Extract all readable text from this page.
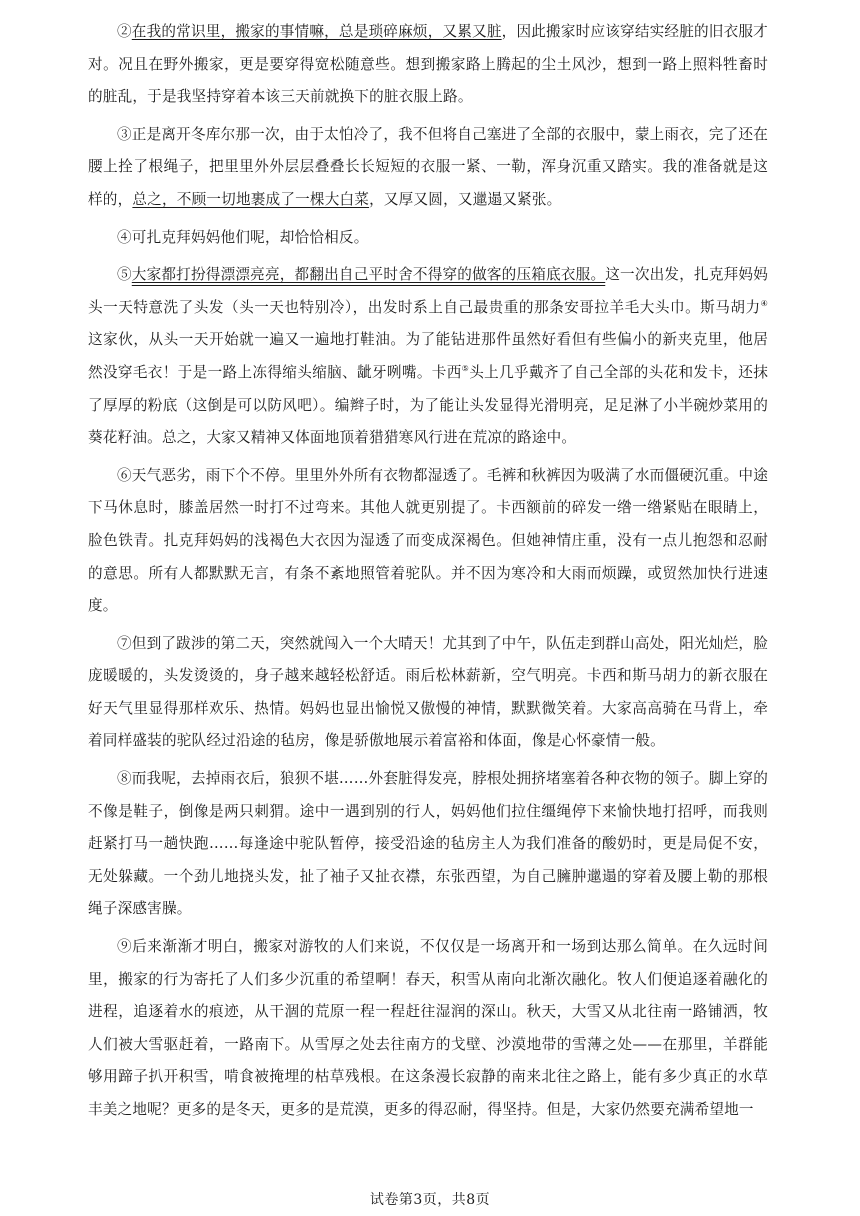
②在我的常识里，搬家的事情嘛，总是琐碎麻烦，又累又脏，因此搬家时应该穿结实经脏的旧衣服才对。况且在野外搬家，更是要穿得宽松随意些。想到搬家路上腾起的尘土风沙，想到一路上照料牲畜时的脏乱，于是我坚持穿着本该三天前就换下的脏衣服上路。

③正是离开冬库尔那一次，由于太怕冷了，我不但将自己塞进了全部的衣服中，蒙上雨衣，完了还在腰上拴了根绳子，把里里外外层层叠叠长长短短的衣服一紧、一勒，浑身沉重又踏实。我的准备就是这样的，总之，不顾一切地裹成了一棵大白菜，又厚又圆，又邋遢又紧张。

④可扎克拜妈妈他们呢，却恰恰相反。

⑤大家都打扮得漂漂亮亮，都翻出自己平时舍不得穿的做客的压箱底衣服。这一次出发，扎克拜妈妈头一天特意洗了头发（头一天也特别冷），出发时系上自己最贵重的那条安哥拉羊毛大头巾。斯马胡力④这家伙，从头一天开始就一遍又一遍地打鞋油。为了能钻进那件虽然好看但有些偏小的新夹克里，他居然没穿毛衣！于是一路上冻得缩头缩脑、龇牙咧嘴。卡西⑤头上几乎戴齐了自己全部的头花和发卡，还抹了厚厚的粉底（这倒是可以防风吧）。编辫子时，为了能让头发显得光滑明亮，足足淋了小半碗炒菜用的葵花籽油。总之，大家又精神又体面地顶着猎猎寒风行进在荒凉的路途中。

⑥天气恶劣，雨下个不停。里里外外所有衣物都湿透了。毛裤和秋裤因为吸满了水而僵硬沉重。中途下马休息时，膝盖居然一时打不过弯来。其他人就更别提了。卡西额前的碎发一绺一绺紧贴在眼睛上，脸色铁青。扎克拜妈妈的浅褐色大衣因为湿透了而变成深褐色。但她神情庄重，没有一点儿抱怨和忍耐的意思。所有人都默默无言，有条不紊地照管着驼队。并不因为寒冷和大雨而烦躁，或贸然加快行进速度。

⑦但到了跋涉的第二天，突然就闯入一个大晴天！尤其到了中午，队伍走到群山高处，阳光灿烂，脸庞暖暖的，头发烫烫的，身子越来越轻松舒适。雨后松林薪新，空气明亮。卡西和斯马胡力的新衣服在好天气里显得那样欢乐、热情。妈妈也显出愉悦又傲慢的神情，默默微笑着。大家高高骑在马背上，牵着同样盛装的驼队经过沿途的毡房，像是骄傲地展示着富裕和体面，像是心怀豪情一般。

⑧而我呢，去掉雨衣后，狼狈不堪……外套脏得发亮，脖根处拥挤堵塞着各种衣物的领子。脚上穿的不像是鞋子，倒像是两只刺猬。途中一遇到别的行人，妈妈他们拉住缰绳停下来愉快地打招呼，而我则赶紧打马一趟快跑……每逢途中驼队暂停，接受沿途的毡房主人为我们准备的酸奶时，更是局促不安，无处躲藏。一个劲儿地挠头发，扯了袖子又扯衣襟，东张西望，为自己臃肿邋遢的穿着及腰上勒的那根绳子深感害臊。

⑨后来渐渐才明白，搬家对游牧的人们来说，不仅仅是一场离开和一场到达那么简单。在久远时间里，搬家的行为寄托了人们多少沉重的希望啊！春天，积雪从南向北渐次融化。牧人们便追逐着融化的进程，追逐着水的痕迹，从干涸的荒原一程一程赶往湿润的深山。秋天，大雪又从北往南一路铺洒，牧人们被大雪驱赶着，一路南下。从雪厚之处去往南方的戈壁、沙漠地带的雪薄之处——在那里，羊群能够用蹄子扒开积雪，啃食被掩埋的枯草残根。在这条漫长寂静的南来北往之路上，能有多少真正的水草丰美之地呢？更多的是冬天，更多的是荒漠，更多的得忍耐，得坚持。但是，大家仍然要充满希望地一

试卷第3页，共8页
